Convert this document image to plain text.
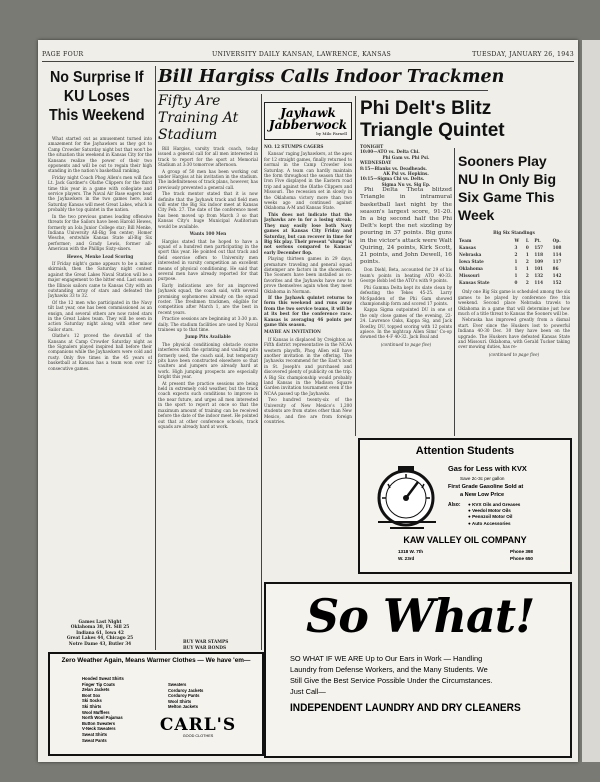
PAGE FOUR	UNIVERSITY DAILY KANSAN, LAWRENCE, KANSAS	TUESDAY, JANUARY 26, 1943
No Surprise If KU Loses This Weekend

What started out as amusement turned into amazement for the Jayhawkers as they got to Camp Crowder Saturday night but that won't be the situation this weekend in Kansas City for the Kansans realize the power of their two opponents and will be out to regain their high standing in the nation's basketball ranking.

Friday night Coach Phog Allen's men will face Lt. Jack Gardner's Olathe Clippers for the third time this year in a game with collegiate and service players. The Naval Air Base eagers beat the Jayhawkers in the two games here, and Saturday Kansas will meet Great Lakes, which is probably the top quintet in the nation.

In the two previous games leading offensive threats for the Sailors have been Harold Hewes, formerly an Iola Junior College star; Bill Menke, Indiana University All-Big Ten center; Homer Wesche, erstwhile Kansas State all-Big Six performer; and Grady Lewis, former all-American with the Phillips Sixty-sixers.

Hewes, Menke Lead Scoring

If Friday night's game appears to be a minor skirmish, then the Saturday night contest against the Great Lakes Naval Station will be a major engagement to the bitter end. Last season the Illinois sailors came to Kansas City with an outstanding array of stars and defeated the Jayhawks 33 to 32.

Of the 12 men who participated in the Navy tilt last year, one has been commissioned as an ensign, and several others are now rated stars in the Great Lakes team. They will be seen in action Saturday night along with other new Sailor stars.

Olathe's 12 proved the downfall of the Kansans at Camp Crowder Saturday night as the Signalers played inspired ball before their companions while the Jayhawkers were cold and rusty. Only five times in the 45 years of basketball at Kansas has a team won over 12 consecutive games.

Games Last Night
Oklahoma 38, Ft. Sill 25
Indiana 61, Iowa 42
Great Lakes 44, Chicago 25
Notre Dame 43, Butler 34
Bill Hargiss Calls Indoor Trackmen
Fifty Are Training At Stadium

Bill Hargiss, varsity track coach, today issued a general call for all men interested in track to report for the sport at Memorial Stadium at 3:30 tomorrow afternoon.

A group of 50 men has been working out under Hargiss at his invitation in the stadium. The indefiniteness of track plans, however, has previously prevented a general call.

The track mentor stated that it is now definite that the Jayhawk track and field men will enter the Big Six indoor meet at Kansas City Feb. 27. The date of the conference meet has been moved up from March 3 so that Kansas City's huge Municipal Auditorium would be available.

Wants 100 Men

Hargiss stated that he hoped to have a squad of a hundred men participating in the sport this year. He pointed out that track and field exercise offers to University men interested in varsity competition an excellent means of physical conditioning. He said that several men have already reported for that purpose.

Early indications are for an improved Jayhawk squad, the coach said, with several promising sophomores already on the squad roster. The freshmen trackmen, eligible for competition after March 1, are the best in recent years.

Practice sessions are beginning at 3:30 p.m. daily. The stadium facilities are used by Naval trainees up to that time.

Jump Pits Available

The physical conditioning obstacle course interferes with the sprinting and vaulting pits formerly used, the coach said, but temporary pits have been constructed elsewhere so that vaulters and jumpers are already hard at work. High jumping prospects are especially bright this year.

At present the practice sessions are being held in extremely cold weather, but the track coach expects such conditions to improve in the near future, and urges all men interested in the sport to report at once so that the maximum amount of training can be received before the date of the indoor meet. He pointed out that at other conference schools, track squads are already hard at work.

BUY WAR STAMPS
BUY WAR BONDS
Jayhawk Jabberwock
by Milo Farnell
NO. 12 STUMPS CAGERS

Kansas' raging Jayhawkers, at the apex for 12 straight games, finally returned to normal in the Camp Crowder loss Saturday. A team can hardly maintain the form throughout the season that the Iron Five displayed in the Eastern road trip and against the Olathe Clippers and Missouri. The recession set in slowly in the Oklahoma victory more than two weeks ago and continued against Oklahoma A-M and Kansas State.

This does not indicate that the Jayhawks are in for a losing streak. They may easily lose both Navy games at Kansas City Friday and Saturday, but can recover in time for Big Six play. Their present "slump" is not serious compared to Kansas' early December flop.

Playing thirteen games in 29 days, premature traveling and general squad distemper are factors in the showdown. The Sooners have been installed as co-favorites and the Jayhawks have now to prove themselves again when they meet Oklahoma in Norman.

If the Jayhawk quintet returns to form this weekend and runs away from the two service teams, it will be at its best for the conference race. Kansas is averaging 46 points per game this season.

MAYBE AN INVITATION

If Kansas is displaced by Creighton as Fifth district representative in the NCAA western playoffs, Phog Allen will have another invitation in the offering. The Jayhawks recommend for the East's bout in St. Joseph's and purchased and discovered plenty of publicity on the trip. A Big Six championship would probably land Kansas in the Madison Square Garden invitation tournament even if the NCAA passed up the Jayhawks.

Two hundred twenty-six of the University of New Mexico's 1,200 students are from states other than New Mexico, and five are from foreign countries.

Phi Delt's Blitz Triangle Quintet
TONIGHT
10:00—ATO vs. Delta Chi.
Phi Gam vs. Phi Psi.
WEDNESDAY
8:15—Blanks vs. Deadheads.
AK Psi vs. Hopkins.
10:15—Sigma Chi vs. Delts.
Sigma Nu vs. Sig Ep.

Phi Delta Theta blitzed Triangle in intramural basketball last night by the season's largest score, 91-20. In a big second half the Phi Delt's kept the net sizzling by pouring in 37 points. Big guns in the victor's attack were Walt Quiring, 24 points, Kirk Scott, 21 points, and John Dewell, 16 points.

Don Diehl, Beta, accounted for 29 of his team's points in beating ATO 40-33. George Bobb led the ATO's with 9 points.

Phi Gamma Delta kept its slate clean by defeating the Tekes 45-25. Larry McSpadden of the Phi Gam showed championship form and scored 17 points.

Kappa Sigma outpointed DU in one of the only close games of the evening, 22-24. Lawrence Oaks, Kappa Sig, and Jack Bowlby, DU, topped scoring with 12 points apiece. In the nightcap Allen Sims' Co-op downed the 4-F 40-32. Jack Boal and

(continued to page five)
Sooners Play NU In Only Big Six Game This Week
Big Six Standings
Team	W	L	Pt.	Op.
Kansas	3	0	157	108
Nebraska	2	1	118	114
Iowa State	1	2	109	117
Oklahoma	1	1	101	86
Missouri	1	2	132	142
Kansas State	0	2	114	152

Only one Big Six game is scheduled among the six games to be played by conference five this weekend. Second place Nebraska travels to Oklahoma in a game that will determine just how much of a title threat to Kansas the Sooners will be.

Nebraska has improved greatly from a dismal start. Ever since the Huskers lost to powerful Indiana 40-30 Dec. 30 they have been on the upgrade. The Huskers have defeated Kansas State and Missouri. Oklahoma, with Gerald Tucker taking over mowing duties, has re-

(continued to page five)
Attention Students
Gas for Less with KVX
Save 2c-3c per gallon
First Grade Gasoline Sold at
a New Low Price
Also: ● KVX Oils and Greases
● Veedol Motor Oils
● Pennzoil Motor Oil
● Auto Accessories
KAW VALLEY OIL COMPANY
1318 W. 7th
W. 23rd
Phone 398
Phone 650
So What!
SO WHAT IF WE ARE Up to Our Ears in Work — Handling
Laundry from Defense Workers, and the Many Students. We
Still Give the Best Service Possible Under the Circumstances.
Just Call—
INDEPENDENT LAUNDRY AND DRY CLEANERS
Zero Weather Again, Means Warmer Clothes — We have 'em—
Hooded Sweat Shirts
Finger Tip Coats
Zelan Jackets
Boot Sox
Ski Socks
Ski Shirts
Wool Mufflers
North Wool Pajamas
Button Sweaters
V-Neck Sweaters
Sweat Shirts
Sweat Pants
Sweaters
Corduroy Jackets
Corduroy Pants
Wool Shirts
Melton Jackets
CARL'S
GOOD CLOTHES
